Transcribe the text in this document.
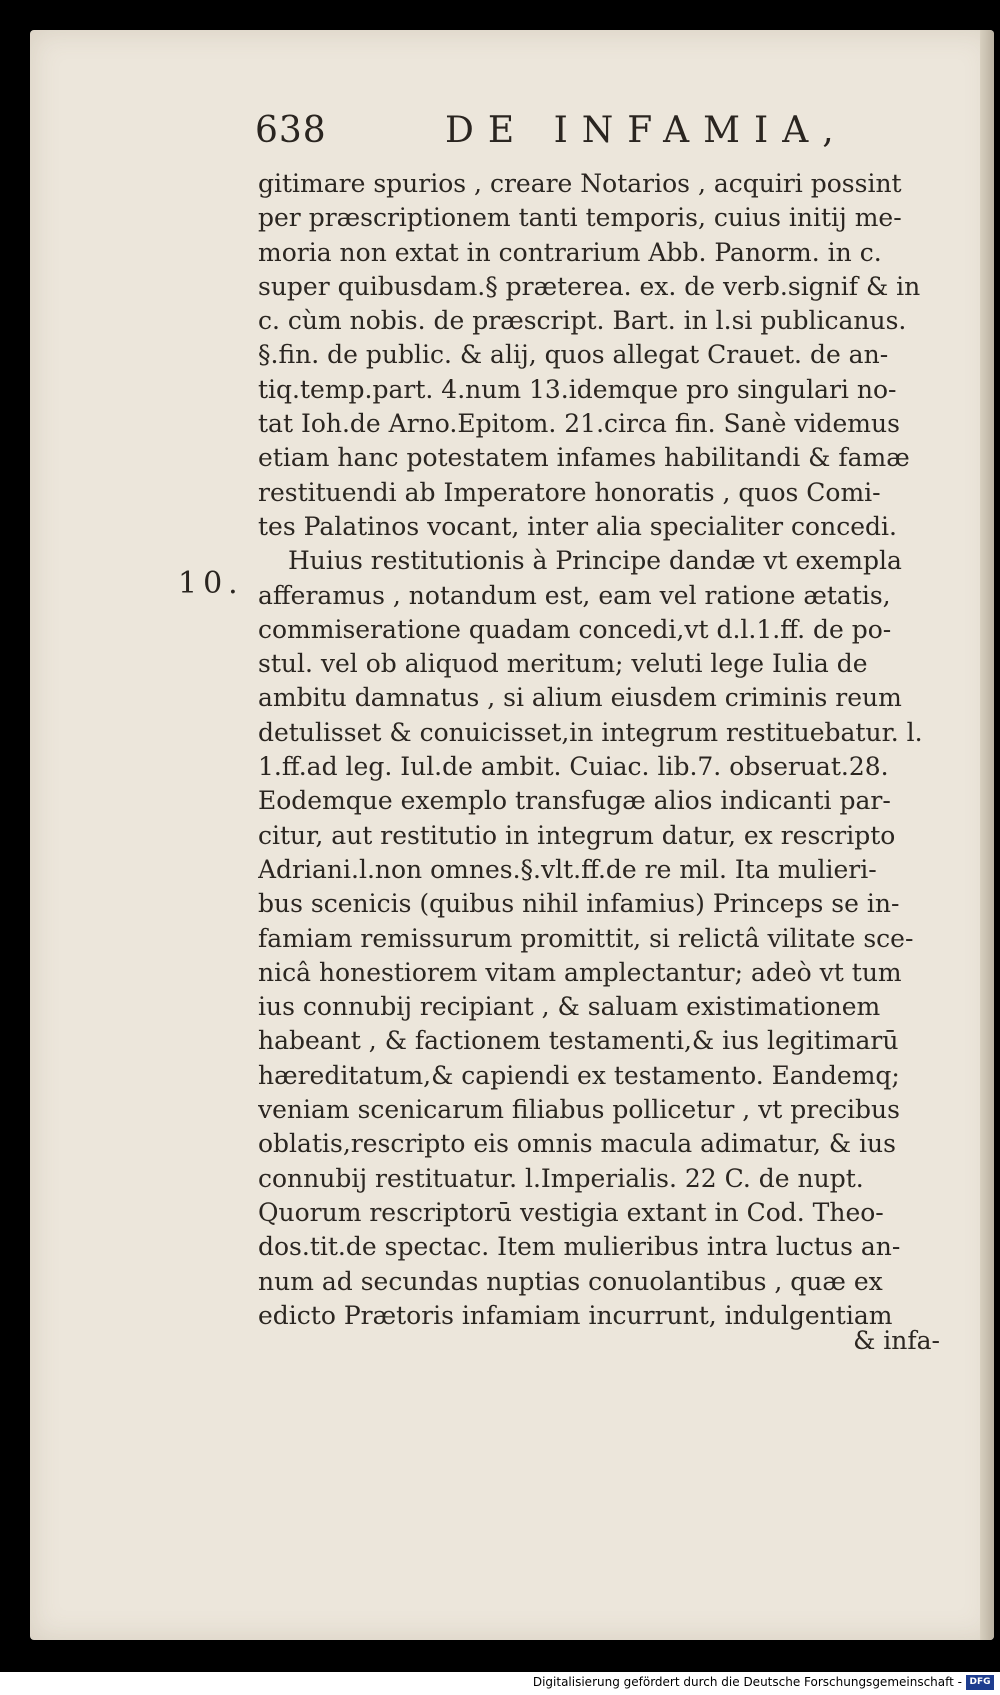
638	DE INFAMIA,
10.
gitimare spurios , creare Notarios , acquiri possint
per præscriptionem tanti temporis, cuius initij me-
moria non extat in contrarium Abb. Panorm. in c.
super quibusdam.§ præterea. ex. de verb.signif & in
c. cùm nobis. de præscript. Bart. in l.si publicanus.
§.fin. de public. & alij, quos allegat Crauet. de an-
tiq.temp.part. 4.num 13.idemque pro singulari no-
tat Ioh.de Arno.Epitom. 21.circa fin. Sanè videmus
etiam hanc potestatem infames habilitandi & famæ
restituendi ab Imperatore honoratis , quos Comi-
tes Palatinos vocant, inter alia specialiter concedi.
Huius restitutionis à Principe dandæ vt exempla
afferamus , notandum est, eam vel ratione ætatis,
commiseratione quadam concedi,vt d.l.1.ff. de po-
stul. vel ob aliquod meritum; veluti lege Iulia de
ambitu damnatus , si alium eiusdem criminis reum
detulisset & conuicisset,in integrum restituebatur. l.
1.ff.ad leg. Iul.de ambit. Cuiac. lib.7. obseruat.28.
Eodemque exemplo transfugæ alios indicanti par-
citur, aut restitutio in integrum datur, ex rescripto
Adriani.l.non omnes.§.vlt.ff.de re mil. Ita mulieri-
bus scenicis (quibus nihil infamius) Princeps se in-
famiam remissurum promittit, si relictâ vilitate sce-
nicâ honestiorem vitam amplectantur; adeò vt tum
ius connubij recipiant , & saluam existimationem
habeant , & factionem testamenti,& ius legitimarū
hæreditatum,& capiendi ex testamento. Eandemq;
veniam scenicarum filiabus pollicetur , vt precibus
oblatis,rescripto eis omnis macula adimatur, & ius
connubij restituatur. l.Imperialis. 22 C. de nupt.
Quorum rescriptorū vestigia extant in Cod. Theo-
dos.tit.de spectac. Item mulieribus intra luctus an-
num ad secundas nuptias conuolantibus , quæ ex
edicto Prætoris infamiam incurrunt, indulgentiam
& infa-
Digitalisierung gefördert durch die Deutsche Forschungsgemeinschaft - DFG
